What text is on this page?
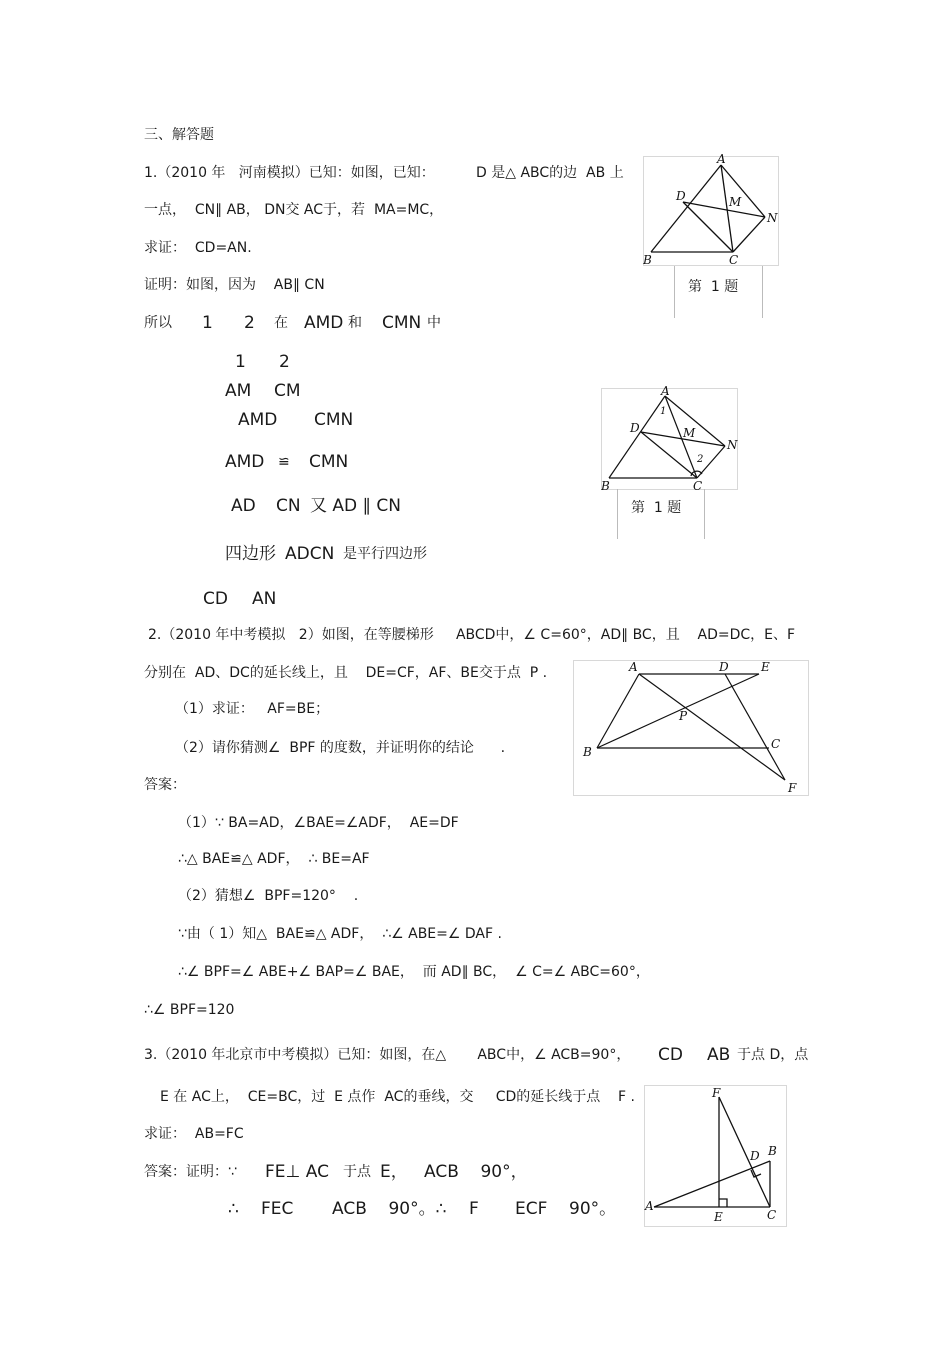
三、解答题
1.（2010 年   河南模拟）已知：如图，已知：	D 是△ ABC的边  AB 上
一点，  CN∥ AB， DN交 AC于，若  MA=MC，
求证：  CD=AN.
证明：如图，因为    AB∥ CN
所以 1 2 在 AMD 和 CMN 中
1 2
AM CM
AMD CMN
AMD ≌ CMN
AD CN 又 AD ∥ CN
四边形 ADCN 是平行四边形
CD AN
A
B	C
D	M
N
第  1 题
A
B	C
D	M
N
1
2
第  1 题
2.（2010 年中考模拟   2）如图，在等腰梯形     ABCD中，∠ C=60°，AD∥ BC，且    AD=DC，E、F
分别在  AD、DC的延长线上，且    DE=CF，AF、BE交于点  P .
（1）求证：   AF=BE；
（2）请你猜测∠  BPF 的度数，并证明你的结论      .
答案：
（1）∵ BA=AD，∠BAE=∠ADF，  AE=DF
∴△ BAE≌△ ADF，  ∴ BE=AF
（2）猜想∠  BPF=120°    .
∵由（ 1）知△  BAE≌△ ADF，  ∴∠ ABE=∠ DAF .
∴∠ BPF=∠ ABE+∠ BAP=∠ BAE，  而 AD∥ BC，  ∠ C=∠ ABC=60°，
∴∠ BPF=120
A	D	E
P
B
C
F
3.（2010 年北京市中考模拟）已知：如图，在△       ABC中，∠ ACB=90°， CD AB 于点 D，点
E 在 AC上，  CE=BC，过  E 点作  AC的垂线，交     CD的延长线于点    F .
求证：  AB=FC
答案：证明：∵ FE⊥ AC 于点 E， ACB    90°，
∴ FEC ACB    90°。∴ F ECF    90°。 A
E	C
B
D
F
